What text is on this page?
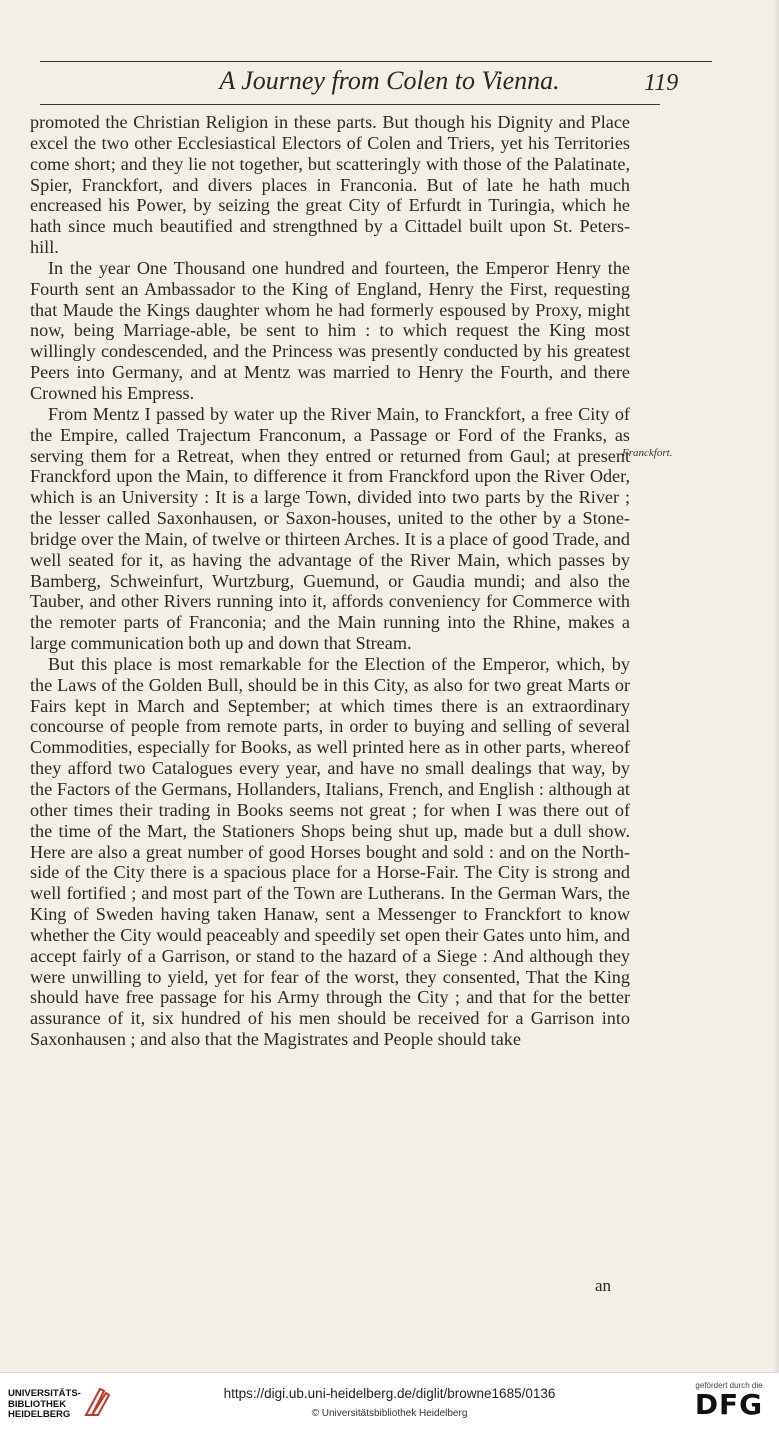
A Journey from Colen to Vienna.	119
Franckfort.

promoted the Christian Religion in these parts. But though his Dignity and Place excel the two other Ecclesiastical Electors of Colen and Triers, yet his Territories come short; and they lie not together, but scatteringly with those of the Palatinate, Spier, Franckfort, and divers places in Franconia. But of late he hath much encreased his Power, by seizing the great City of Erfurdt in Turingia, which he hath since much beautified and strengthned by a Cittadel built upon St. Peters-hill.

In the year One Thousand one hundred and fourteen, the Emperor Henry the Fourth sent an Ambassador to the King of England, Henry the First, requesting that Maude the Kings daughter whom he had formerly espoused by Proxy, might now, being Marriage-able, be sent to him : to which request the King most willingly condescended, and the Princess was presently conducted by his greatest Peers into Germany, and at Mentz was married to Henry the Fourth, and there Crowned his Empress.

From Mentz I passed by water up the River Main, to Franckfort, a free City of the Empire, called Trajectum Franconum, a Passage or Ford of the Franks, as serving them for a Retreat, when they entred or returned from Gaul; at present Franckford upon the Main, to difference it from Franckford upon the River Oder, which is an University : It is a large Town, divided into two parts by the River ; the lesser called Saxonhausen, or Saxon-houses, united to the other by a Stone-bridge over the Main, of twelve or thirteen Arches. It is a place of good Trade, and well seated for it, as having the advantage of the River Main, which passes by Bamberg, Schweinfurt, Wurtzburg, Guemund, or Gaudia mundi; and also the Tauber, and other Rivers running into it, affords conveniency for Commerce with the remoter parts of Franconia; and the Main running into the Rhine, makes a large communication both up and down that Stream.

But this place is most remarkable for the Election of the Emperor, which, by the Laws of the Golden Bull, should be in this City, as also for two great Marts or Fairs kept in March and September; at which times there is an extraordinary concourse of people from remote parts, in order to buying and selling of several Commodities, especially for Books, as well printed here as in other parts, whereof they afford two Catalogues every year, and have no small dealings that way, by the Factors of the Germans, Hollanders, Italians, French, and English : although at other times their trading in Books seems not great ; for when I was there out of the time of the Mart, the Stationers Shops being shut up, made but a dull show. Here are also a great number of good Horses bought and sold : and on the North-side of the City there is a spacious place for a Horse-Fair. The City is strong and well fortified ; and most part of the Town are Lutherans. In the German Wars, the King of Sweden having taken Hanaw, sent a Messenger to Franckfort to know whether the City would peaceably and speedily set open their Gates unto him, and accept fairly of a Garrison, or stand to the hazard of a Siege : And although they were unwilling to yield, yet for fear of the worst, they consented, That the King should have free passage for his Army through the City ; and that for the better assurance of it, six hundred of his men should be received for a Garrison into Saxonhausen ; and also that the Magistrates and People should take

an
UNIVERSITÄTS-
BIBLIOTHEK
HEIDELBERG
https://digi.ub.uni-heidelberg.de/diglit/browne1685/0136
© Universitätsbibliothek Heidelberg
gefördert durch die
DFG
